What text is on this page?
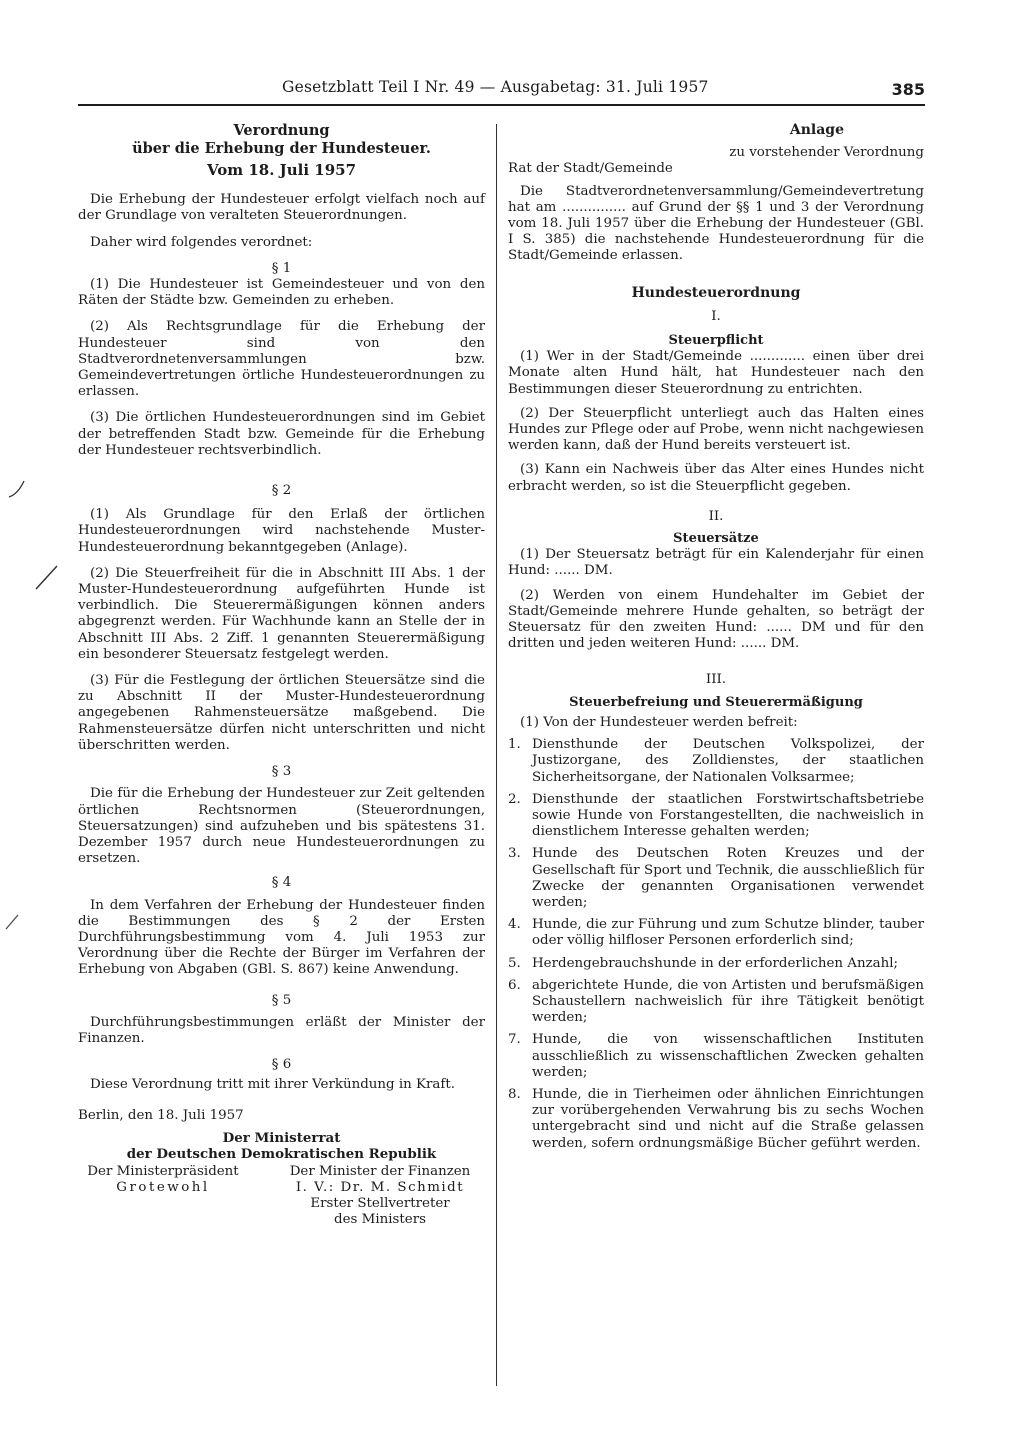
Gesetzblatt Teil I Nr. 49 — Ausgabetag: 31. Juli 1957	385
Verordnung
über die Erhebung der Hundesteuer.
Vom 18. Juli 1957

Die Erhebung der Hundesteuer erfolgt vielfach noch auf der Grundlage von veralteten Steuerordnungen.

Daher wird folgendes verordnet:

§ 1

(1) Die Hundesteuer ist Gemeindesteuer und von den Räten der Städte bzw. Gemeinden zu erheben.

(2) Als Rechtsgrundlage für die Erhebung der Hundesteuer sind von den Stadtverordnetenversammlungen bzw. Gemeindevertretungen örtliche Hundesteuerordnungen zu erlassen.

(3) Die örtlichen Hundesteuerordnungen sind im Gebiet der betreffenden Stadt bzw. Gemeinde für die Erhebung der Hundesteuer rechtsverbindlich.

§ 2

(1) Als Grundlage für den Erlaß der örtlichen Hundesteuerordnungen wird nachstehende Muster-Hundesteuerordnung bekanntgegeben (Anlage).

(2) Die Steuerfreiheit für die in Abschnitt III Abs. 1 der Muster-Hundesteuerordnung aufgeführten Hunde ist verbindlich. Die Steuerermäßigungen können anders abgegrenzt werden. Für Wachhunde kann an Stelle der in Abschnitt III Abs. 2 Ziff. 1 genannten Steuerermäßigung ein besonderer Steuersatz festgelegt werden.

(3) Für die Festlegung der örtlichen Steuersätze sind die zu Abschnitt II der Muster-Hundesteuerordnung angegebenen Rahmensteuersätze maßgebend. Die Rahmensteuersätze dürfen nicht unterschritten und nicht überschritten werden.

§ 3

Die für die Erhebung der Hundesteuer zur Zeit geltenden örtlichen Rechtsnormen (Steuerordnungen, Steuersatzungen) sind aufzuheben und bis spätestens 31. Dezember 1957 durch neue Hundesteuerordnungen zu ersetzen.

§ 4

In dem Verfahren der Erhebung der Hundesteuer finden die Bestimmungen des § 2 der Ersten Durchführungsbestimmung vom 4. Juli 1953 zur Verordnung über die Rechte der Bürger im Verfahren der Erhebung von Abgaben (GBl. S. 867) keine Anwendung.

§ 5

Durchführungsbestimmungen erläßt der Minister der Finanzen.

§ 6

Diese Verordnung tritt mit ihrer Verkündung in Kraft.

Berlin, den 18. Juli 1957

Der Ministerrat
der Deutschen Demokratischen Republik
Der Ministerpräsident
Grotewohl
Der Minister der Finanzen
I. V.: Dr. M. Schmidt
Erster Stellvertreter
des Ministers
Anlage
zu vorstehender Verordnung
Rat der Stadt/Gemeinde

Die Stadtverordnetenversammlung/Gemeindevertretung hat am ............... auf Grund der §§ 1 und 3 der Verordnung vom 18. Juli 1957 über die Erhebung der Hundesteuer (GBl. I S. 385) die nachstehende Hundesteuerordnung für die Stadt/Gemeinde erlassen.

Hundesteuerordnung
I.
Steuerpflicht

(1) Wer in der Stadt/Gemeinde ............. einen über drei Monate alten Hund hält, hat Hundesteuer nach den Bestimmungen dieser Steuerordnung zu entrichten.

(2) Der Steuerpflicht unterliegt auch das Halten eines Hundes zur Pflege oder auf Probe, wenn nicht nachgewiesen werden kann, daß der Hund bereits versteuert ist.

(3) Kann ein Nachweis über das Alter eines Hundes nicht erbracht werden, so ist die Steuerpflicht gegeben.

II.
Steuersätze

(1) Der Steuersatz beträgt für ein Kalenderjahr für einen Hund: ...... DM.

(2) Werden von einem Hundehalter im Gebiet der Stadt/Gemeinde mehrere Hunde gehalten, so beträgt der Steuersatz für den zweiten Hund: ...... DM und für den dritten und jeden weiteren Hund: ...... DM.

III.
Steuerbefreiung und Steuerermäßigung

(1) Von der Hundesteuer werden befreit:

1. Diensthunde der Deutschen Volkspolizei, der Justizorgane, des Zolldienstes, der staatlichen Sicherheitsorgane, der Nationalen Volksarmee;
2. Diensthunde der staatlichen Forstwirtschaftsbetriebe sowie Hunde von Forstangestellten, die nachweislich in dienstlichem Interesse gehalten werden;
3. Hunde des Deutschen Roten Kreuzes und der Gesellschaft für Sport und Technik, die ausschließlich für Zwecke der genannten Organisationen verwendet werden;
4. Hunde, die zur Führung und zum Schutze blinder, tauber oder völlig hilfloser Personen erforderlich sind;
5. Herdengebrauchshunde in der erforderlichen Anzahl;
6. abgerichtete Hunde, die von Artisten und berufsmäßigen Schaustellern nachweislich für ihre Tätigkeit benötigt werden;
7. Hunde, die von wissenschaftlichen Instituten ausschließlich zu wissenschaftlichen Zwecken gehalten werden;
8. Hunde, die in Tierheimen oder ähnlichen Einrichtungen zur vorübergehenden Verwahrung bis zu sechs Wochen untergebracht sind und nicht auf die Straße gelassen werden, sofern ordnungsmäßige Bücher geführt werden.
